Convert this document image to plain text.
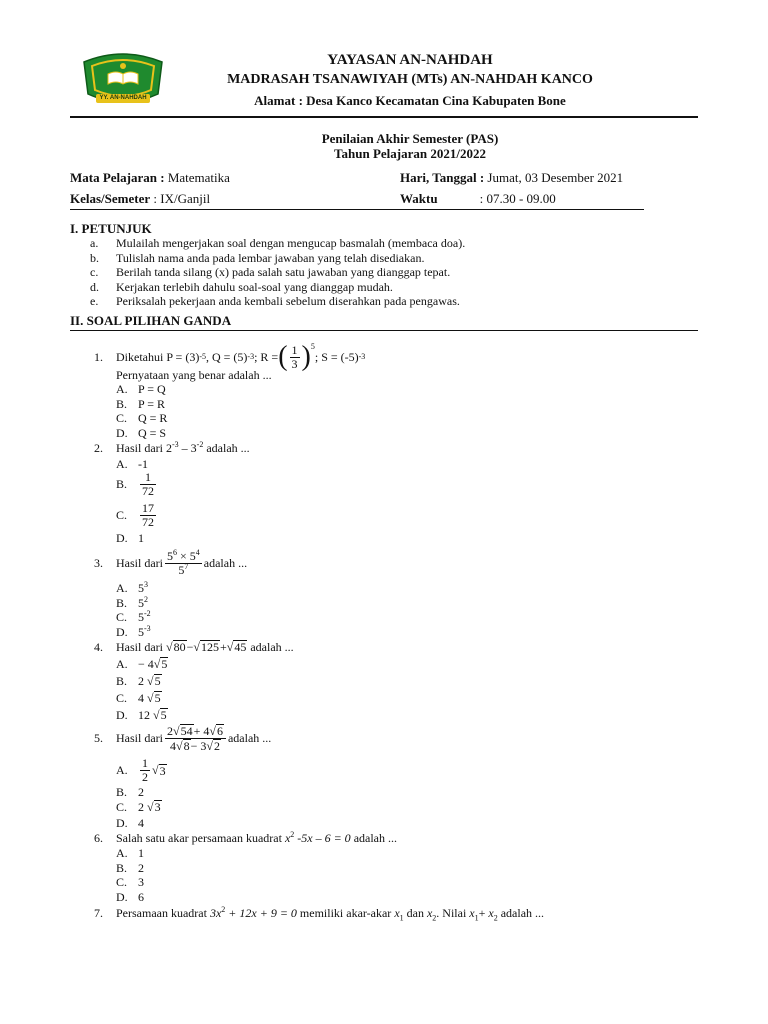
YY. AN-NAHDAH
YAYASAN AN-NAHDAH
MADRASAH TSANAWIYAH (MTs) AN-NAHDAH KANCO
Alamat : Desa Kanco Kecamatan Cina Kabupaten Bone
Penilaian Akhir Semester (PAS)
Tahun Pelajaran 2021/2022
Mata Pelajaran : Matematika	Hari, Tanggal : Jumat, 03 Desember 2021
Kelas/Semeter : IX/Ganjil	Waktu	: 07.30 - 09.00
I. PETUNJUK
a. Mulailah mengerjakan soal dengan mengucap basmalah (membaca doa).
b. Tulislah nama anda pada lembar jawaban yang telah disediakan.
c. Berilah tanda silang (x) pada salah satu jawaban yang dianggap tepat.
d. Kerjakan terlebih dahulu soal-soal yang dianggap mudah.
e. Periksalah pekerjaan anda kembali sebelum diserahkan pada pengawas.
II. SOAL PILIHAN GANDA
1.	Diketahui P = (3) -5 , Q = (5) -3 ; R = ( $\frac{1}{3} )^5$
; S = (-5) -3
Pernyataan yang benar adalah ...
A. P = Q
B. P = R
C. Q = R
D. Q = S
2. Hasil dari $2^{-3} - 3^{-2}$ adalah ...
A. -1
B.	$\frac{1}{72}$
C.	$\frac{17}{72}$
D. 1
3.	Hasil dari $\frac{5^6 \times 5^4}{5^7}$ adalah ...
A. $5^3$
B. $5^2$
C. $5^{-2}$
D. $5^{-3}$
4. Hasil dari √80−√125+√45 adalah ...
A. − 4√5
B. 2 √5
C. 4 √5
D. 12 √5
5.	Hasil dari $\frac{2√54+ 4√6}{4√8- 3√2}$ adalah ...
A.	$\frac{1}{2}$ √ 3
B. 2
C. 2 √3
D. 4
6. Salah satu akar persamaan kuadrat $x^2$ -5x – 6 = 0 adalah ...
A. 1
B. 2
C. 3
D. 6
7. Persamaan kuadrat $3x^2 + 12x + 9 = 0$ memiliki akar-akar $x_1$ dan $x_2$. Nilai $x_1+ x_2$ adalah ...
